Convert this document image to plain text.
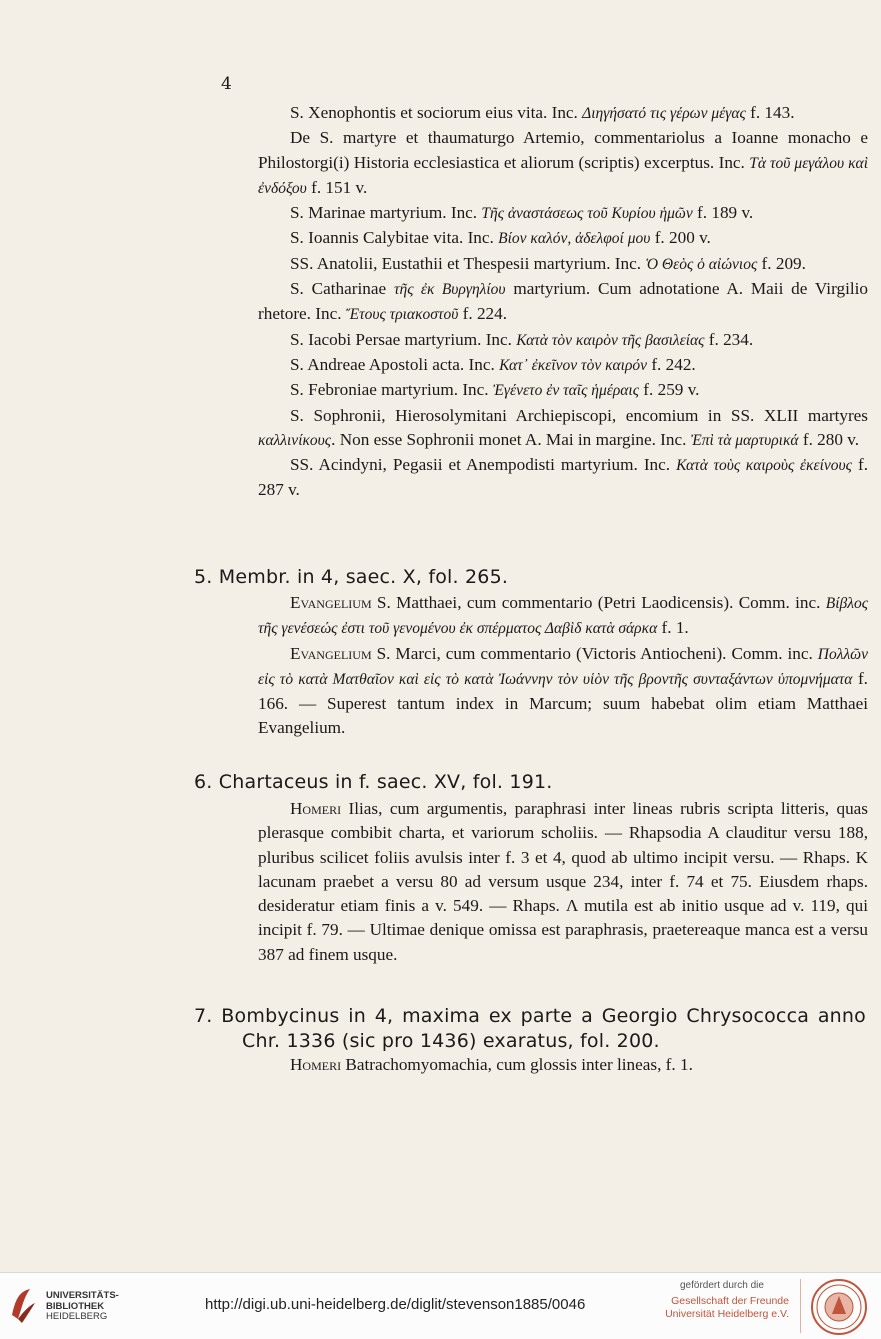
4

S. Xenophontis et sociorum eius vita. Inc. Διηγήσατό τις γέρων μέγας f. 143.

De S. martyre et thaumaturgo Artemio, commentariolus a Ioanne monacho e Philostorgi(i) Historia ecclesiastica et aliorum (scriptis) excerptus. Inc. Τὰ τοῦ μεγάλου καὶ ἐνδόξου f. 151 v.

S. Marinae martyrium. Inc. Τῆς ἀναστάσεως τοῦ Κυρίου ἡμῶν f. 189 v.

S. Ioannis Calybitae vita. Inc. Βίον καλόν, ἀδελφοί μου f. 200 v.

SS. Anatolii, Eustathii et Thespesii martyrium. Inc. Ὁ Θεὸς ὁ αἰώνιος f. 209.

S. Catharinae τῆς ἐκ Βυργηλίου martyrium. Cum adnotatione A. Maii de Virgilio rhetore. Inc. Ἔτους τριακοστοῦ f. 224.

S. Iacobi Persae martyrium. Inc. Κατὰ τὸν καιρὸν τῆς βασιλείας f. 234.

S. Andreae Apostoli acta. Inc. Κατ᾽ ἐκεῖνον τὸν καιρόν f. 242.

S. Febroniae martyrium. Inc. Ἐγένετο ἐν ταῖς ἡμέραις f. 259 v.

S. Sophronii, Hierosolymitani Archiepiscopi, encomium in SS. XLII martyres καλλινίκους. Non esse Sophronii monet A. Mai in margine. Inc. Ἐπὶ τὰ μαρτυρικά f. 280 v.

SS. Acindyni, Pegasii et Anempodisti martyrium. Inc. Κατὰ τοὺς καιροὺς ἐκείνους f. 287 v.

5. Membr. in 4, saec. X, fol. 265.

Evangelium S. Matthaei, cum commentario (Petri Laodicensis). Comm. inc. Βίβλος τῆς γενέσεώς ἐστι τοῦ γενομένου ἐκ σπέρματος Δαβὶδ κατὰ σάρκα f. 1.

Evangelium S. Marci, cum commentario (Victoris Antiocheni). Comm. inc. Πολλῶν εἰς τὸ κατὰ Ματθαῖον καὶ εἰς τὸ κατὰ Ἰωάννην τὸν υἱὸν τῆς βροντῆς συνταξάντων ὑπομνήματα f. 166. — Superest tantum index in Marcum; suum habebat olim etiam Matthaei Evangelium.

6. Chartaceus in f. saec. XV, fol. 191.

Homeri Ilias, cum argumentis, paraphrasi inter lineas rubris scripta litteris, quas plerasque combibit charta, et variorum scholiis. — Rhapsodia A clauditur versu 188, pluribus scilicet foliis avulsis inter f. 3 et 4, quod ab ultimo incipit versu. — Rhaps. K lacunam praebet a versu 80 ad versum usque 234, inter f. 74 et 75. Eiusdem rhaps. desideratur etiam finis a v. 549. — Rhaps. Λ mutila est ab initio usque ad v. 119, qui incipit f. 79. — Ultimae denique omissa est paraphrasis, praetereaque manca est a versu 387 ad finem usque.

7. Bombycinus in 4, maxima ex parte a Georgio Chrysococca anno Chr. 1336 (sic pro 1436) exaratus, fol. 200.

Homeri Batrachomyomachia, cum glossis inter lineas, f. 1.

UNIVERSITÄTS-
BIBLIOTHEK
HEIDELBERG
http://digi.ub.uni-heidelberg.de/diglit/stevenson1885/0046
gefördert durch die
Gesellschaft der Freunde
Universität Heidelberg e.V.
